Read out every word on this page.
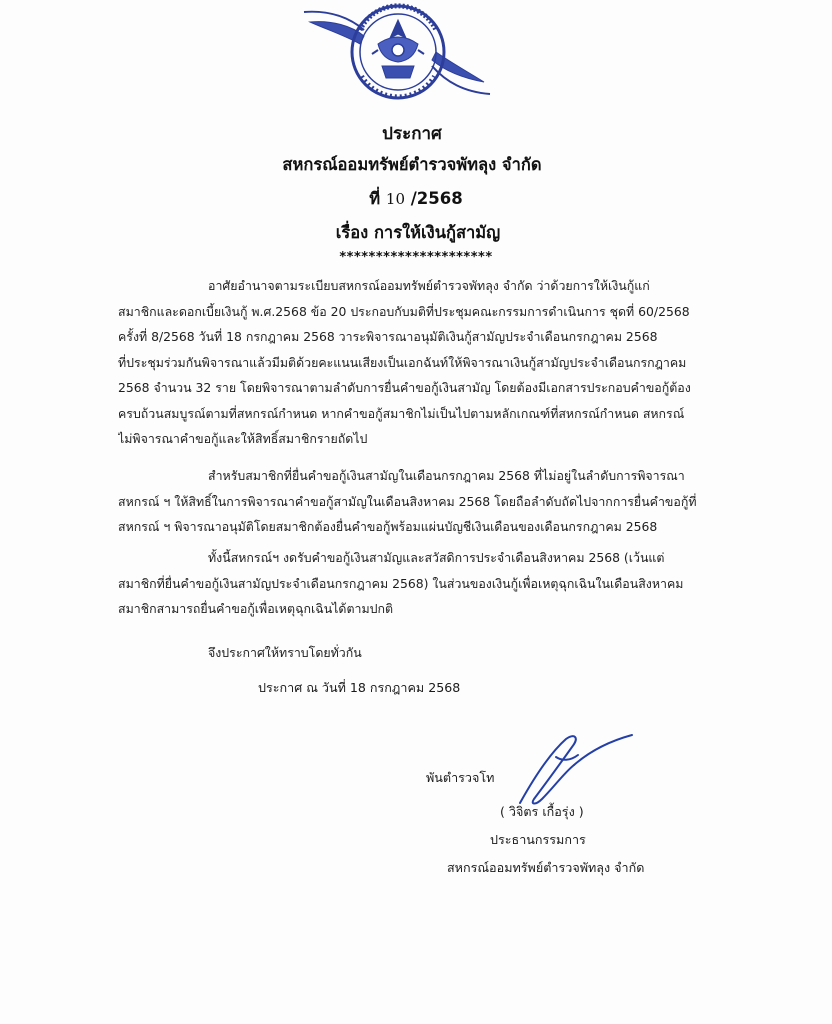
ประกาศ
สหกรณ์ออมทรัพย์ตำรวจพัทลุง จำกัด
ที่ 10 /2568
เรื่อง การให้เงินกู้สามัญ
*********************
อาศัยอำนาจตามระเบียบสหกรณ์ออมทรัพย์ตำรวจพัทลุง จำกัด ว่าด้วยการให้เงินกู้แก่
สมาชิกและดอกเบี้ยเงินกู้ พ.ศ.2568 ข้อ 20 ประกอบกับมติที่ประชุมคณะกรรมการดำเนินการ ชุดที่ 60/2568
ครั้งที่ 8/2568 วันที่ 18 กรกฎาคม 2568 วาระพิจารณาอนุมัติเงินกู้สามัญประจำเดือนกรกฎาคม 2568
ที่ประชุมร่วมกันพิจารณาแล้วมีมติด้วยคะแนนเสียงเป็นเอกฉันท์ให้พิจารณาเงินกู้สามัญประจำเดือนกรกฎาคม
2568 จำนวน 32 ราย โดยพิจารณาตามลำดับการยื่นคำขอกู้เงินสามัญ โดยต้องมีเอกสารประกอบคำขอกู้ต้อง
ครบถ้วนสมบูรณ์ตามที่สหกรณ์กำหนด หากคำขอกู้สมาชิกไม่เป็นไปตามหลักเกณฑ์ที่สหกรณ์กำหนด สหกรณ์
ไม่พิจารณาคำขอกู้และให้สิทธิ์สมาชิกรายถัดไป
สำหรับสมาชิกที่ยื่นคำขอกู้เงินสามัญในเดือนกรกฎาคม 2568 ที่ไม่อยู่ในลำดับการพิจารณา
สหกรณ์ ฯ ให้สิทธิ์ในการพิจารณาคำขอกู้สามัญในเดือนสิงหาคม 2568 โดยถือลำดับถัดไปจากการยื่นคำขอกู้ที่
สหกรณ์ ฯ พิจารณาอนุมัติโดยสมาชิกต้องยื่นคำขอกู้พร้อมแผ่นบัญชีเงินเดือนของเดือนกรกฎาคม 2568
ทั้งนี้สหกรณ์ฯ งดรับคำขอกู้เงินสามัญและสวัสดิการประจำเดือนสิงหาคม 2568 (เว้นแต่
สมาชิกที่ยื่นคำขอกู้เงินสามัญประจำเดือนกรกฎาคม 2568) ในส่วนของเงินกู้เพื่อเหตุฉุกเฉินในเดือนสิงหาคม
สมาชิกสามารถยื่นคำขอกู้เพื่อเหตุฉุกเฉินได้ตามปกติ
จึงประกาศให้ทราบโดยทั่วกัน
ประกาศ ณ วันที่ 18 กรกฎาคม 2568
พันตำรวจโท
( วิจิตร เกื้อรุ่ง )
ประธานกรรมการ
สหกรณ์ออมทรัพย์ตำรวจพัทลุง จำกัด
